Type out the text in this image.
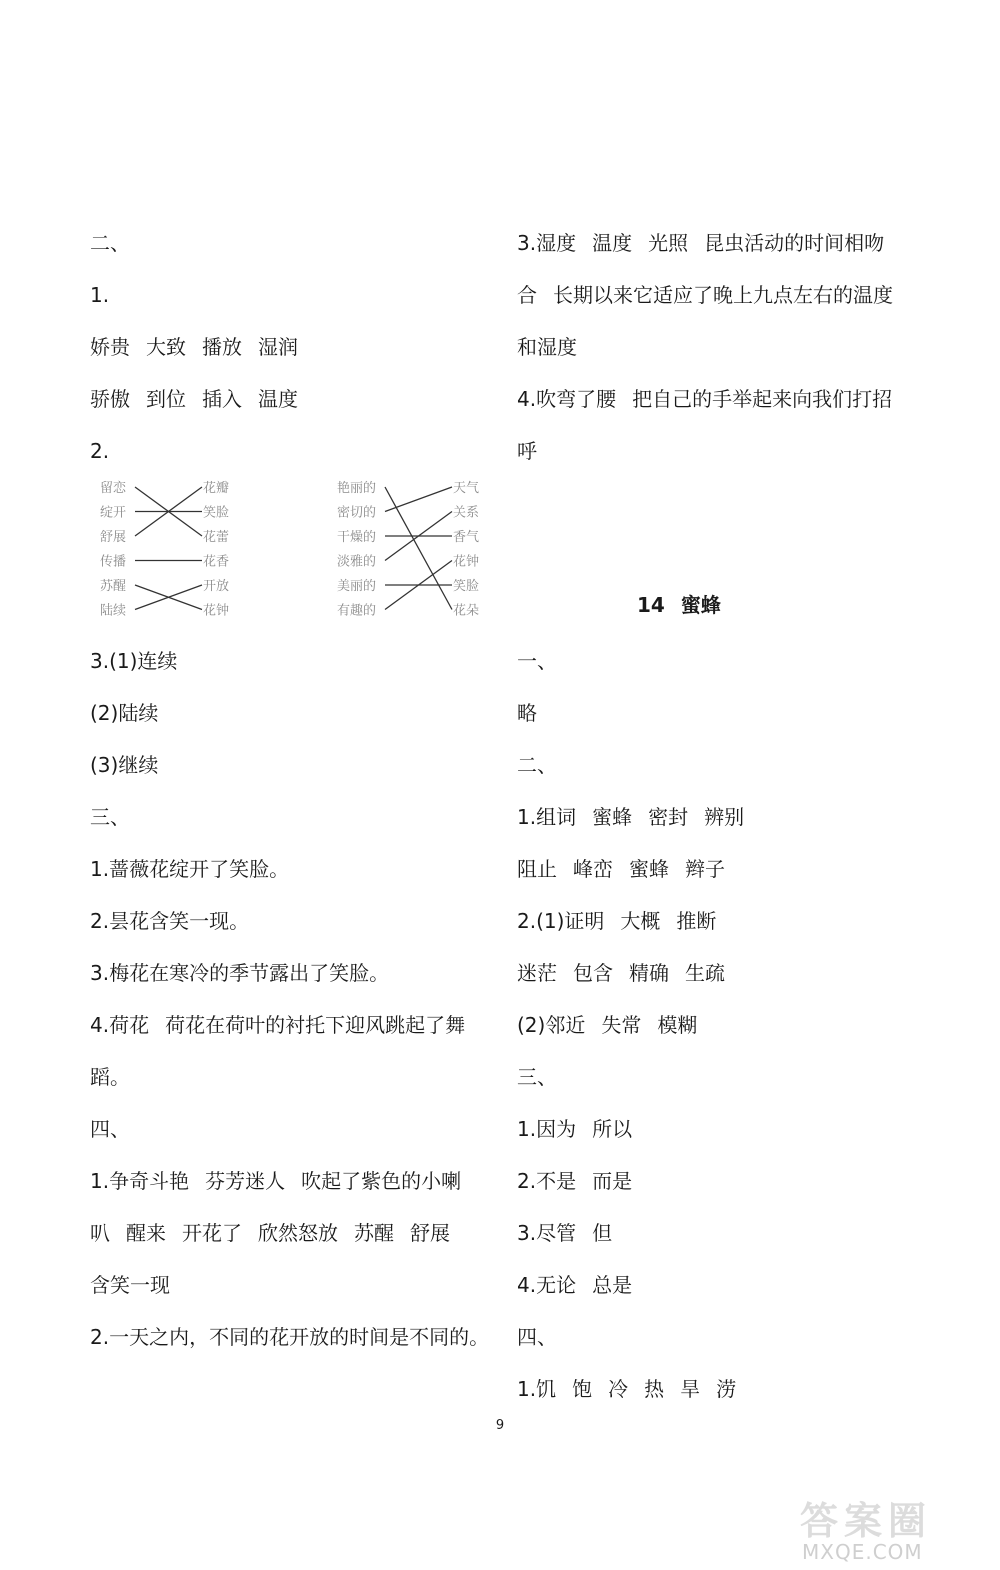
二、
1.
娇贵 大致 播放 湿润
骄傲 到位 插入 温度
2.
3.(1)连续
(2)陆续
(3)继续
三、
1.蔷薇花绽开了笑脸。
2.昙花含笑一现。
3.梅花在寒冷的季节露出了笑脸。
4.荷花 荷花在荷叶的衬托下迎风跳起了舞
蹈。
四、
1.争奇斗艳 芬芳迷人 吹起了紫色的小喇
叭 醒来 开花了 欣然怒放 苏醒 舒展
含笑一现
2.一天之内，不同的花开放的时间是不同的。
3.湿度 温度 光照 昆虫活动的时间相吻
合 长期以来它适应了晚上九点左右的温度
和湿度
4.吹弯了腰 把自己的手举起来向我们打招
呼
14 蜜蜂
一、
略
二、
1.组词 蜜蜂 密封 辨别
阻止 峰峦 蜜蜂 辫子
2.(1)证明 大概 推断
迷茫 包含 精确 生疏
(2)邻近 失常 模糊
三、
1.因为 所以
2.不是 而是
3.尽管 但
4.无论 总是
四、
1.饥 饱 冷 热 旱 涝
留恋
绽开
舒展
传播
苏醒
陆续
花瓣
笑脸
花蕾
花香
开放
花钟
艳丽的
密切的
干燥的
淡雅的
美丽的
有趣的
天气
关系
香气
花钟
笑脸
花朵
9
答案圈
MXQE.COM
